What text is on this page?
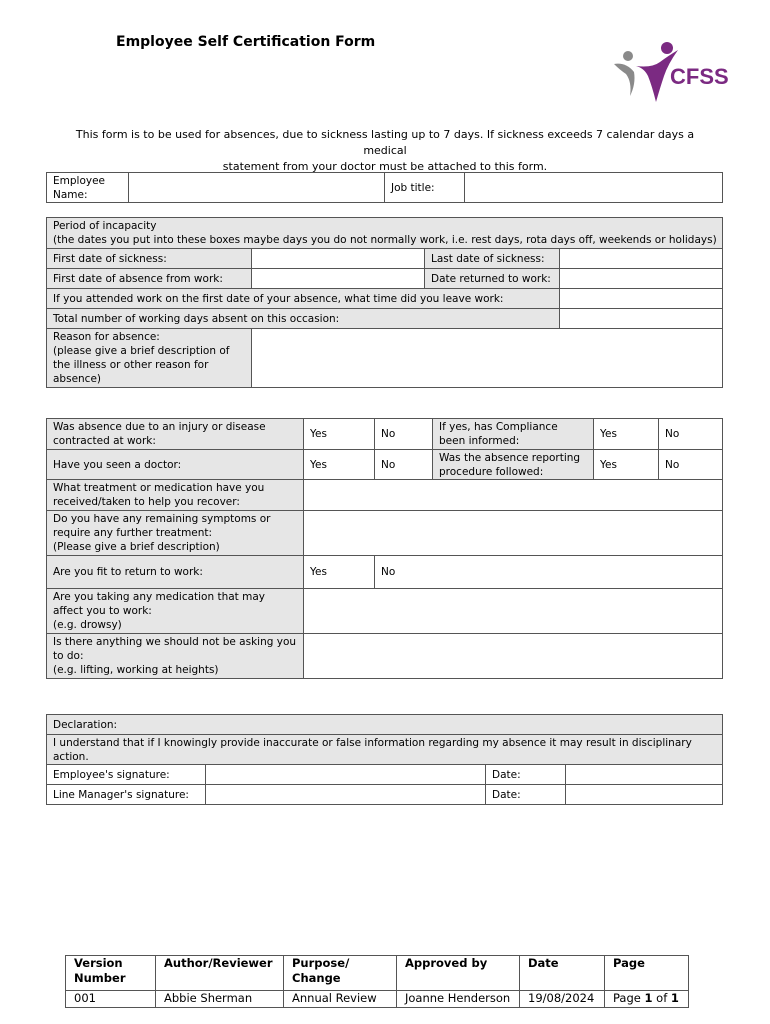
Employee Self Certification Form
CFSS
This form is to be used for absences, due to sickness lasting up to 7 days. If sickness exceeds 7 calendar days a medical
statement from your doctor must be attached to this form.
Employee Name:		Job title:	
Period of incapacity
(the dates you put into these boxes maybe days you do not normally work, i.e. rest days, rota days off, weekends or holidays)			

First date of sickness:		Last date of sickness:	
First date of absence from work:		Date returned to work:	
If you attended work on the first date of your absence, what time did you leave work:			
Total number of working days absent on this occasion:			
Reason for absence:
(please give a brief description of
the illness or other reason for
absence)			
Was absence due to an injury or disease contracted at work:	Yes	No	If yes, has Compliance been informed:	Yes	No
Have you seen a doctor:	Yes	No	Was the absence reporting procedure followed:	Yes	No
What treatment or medication have you received/taken to help you recover:					
Do you have any remaining symptoms or require any further treatment:
(Please give a brief description)					
Are you fit to return to work:	Yes	No			
Are you taking any medication that may affect you to work:
(e.g. drowsy)					
Is there anything we should not be asking you to do:
(e.g. lifting, working at heights)					
Declaration:			
I understand that if I knowingly provide inaccurate or false information regarding my absence it may result in disciplinary action.			
Employee's signature:		Date:	
Line Manager's signature:		Date:	
Version Number	Author/Reviewer	Purpose/ Change	Approved by	Date	Page
001	Abbie Sherman	Annual Review	Joanne Henderson	19/08/2024	Page 1 of 1
